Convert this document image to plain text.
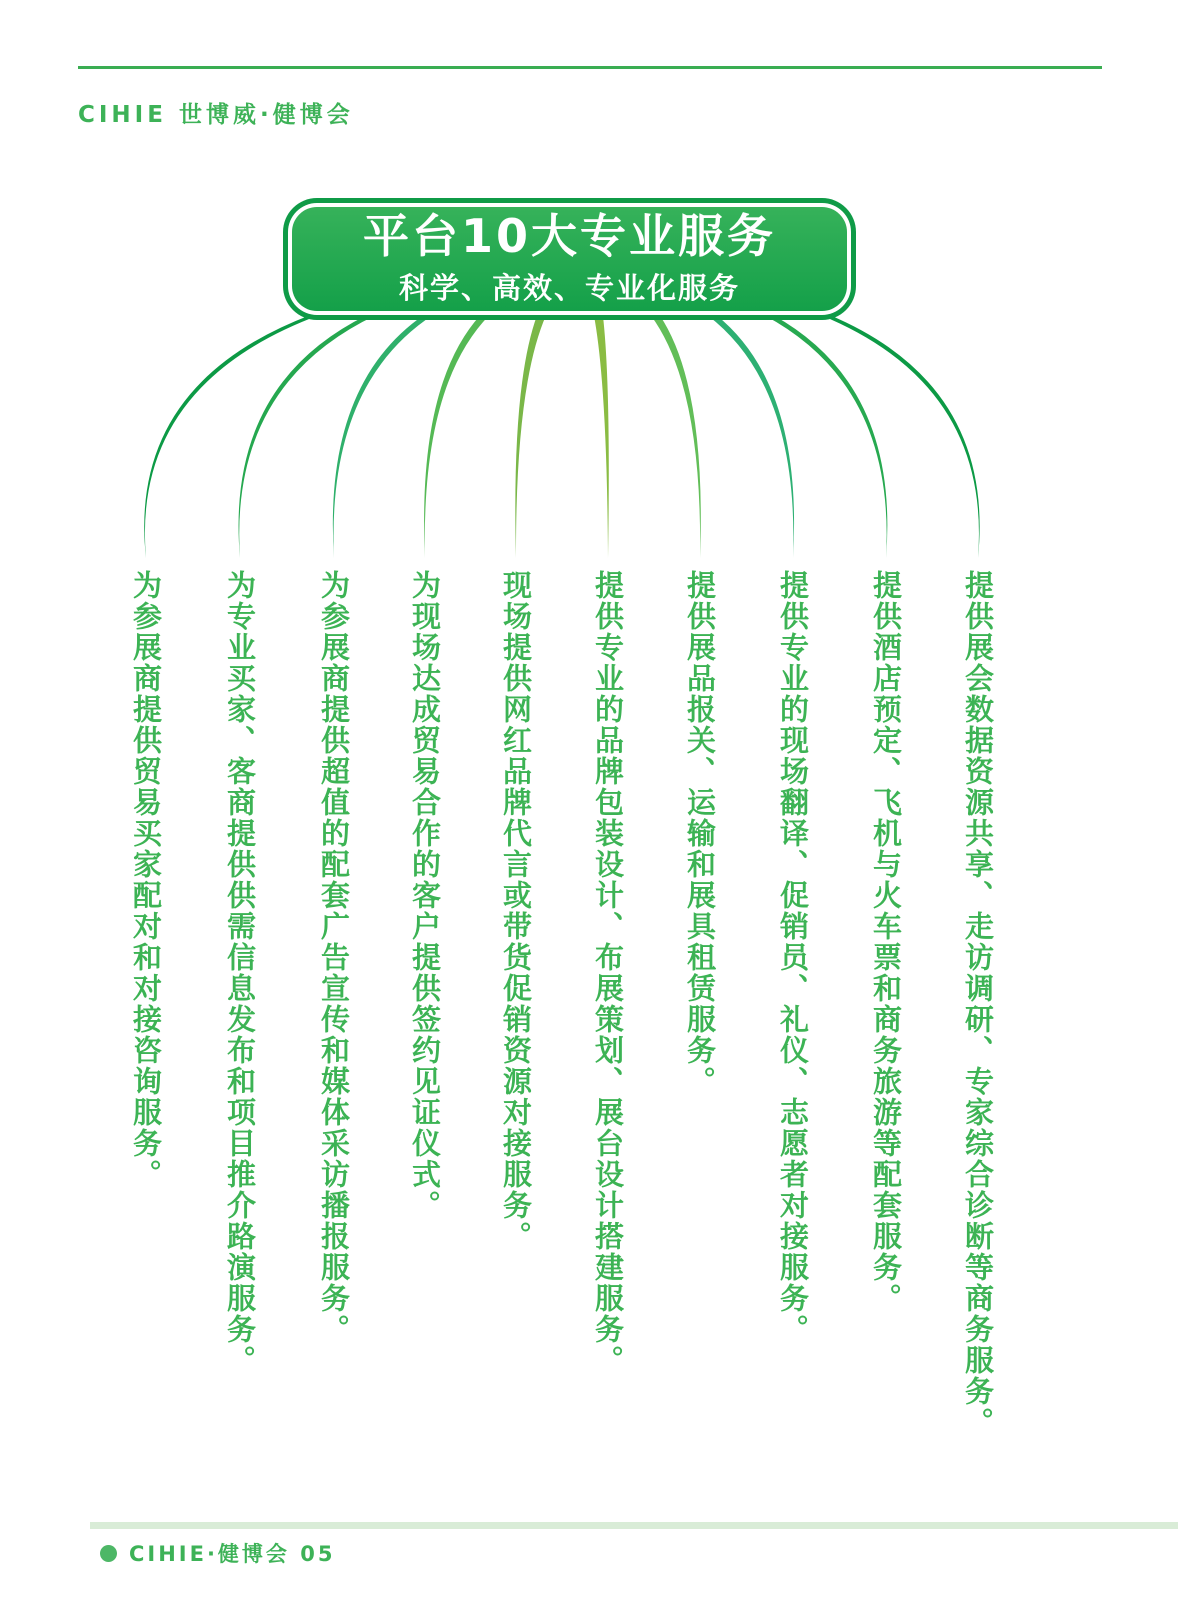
CIHIE 世博威·健博会
平台10大专业服务
科学、高效、专业化服务
为参展商提供贸易买家配对和对接咨询服务。 为专业买家、客商提供供需信息发布和项目推介路演服务。 为参展商提供超值的配套广告宣传和媒体采访播报服务。 为现场达成贸易合作的客户提供签约见证仪式。 现场提供网红品牌代言或带货促销资源对接服务。 提供专业的品牌包装设计、布展策划、展台设计搭建服务。 提供展品报关、运输和展具租赁服务。 提供专业的现场翻译、促销员、礼仪、志愿者对接服务。 提供酒店预定、飞机与火车票和商务旅游等配套服务。 提供展会数据资源共享、走访调研、专家综合诊断等商务服务。
CIHIE·健博会 05
